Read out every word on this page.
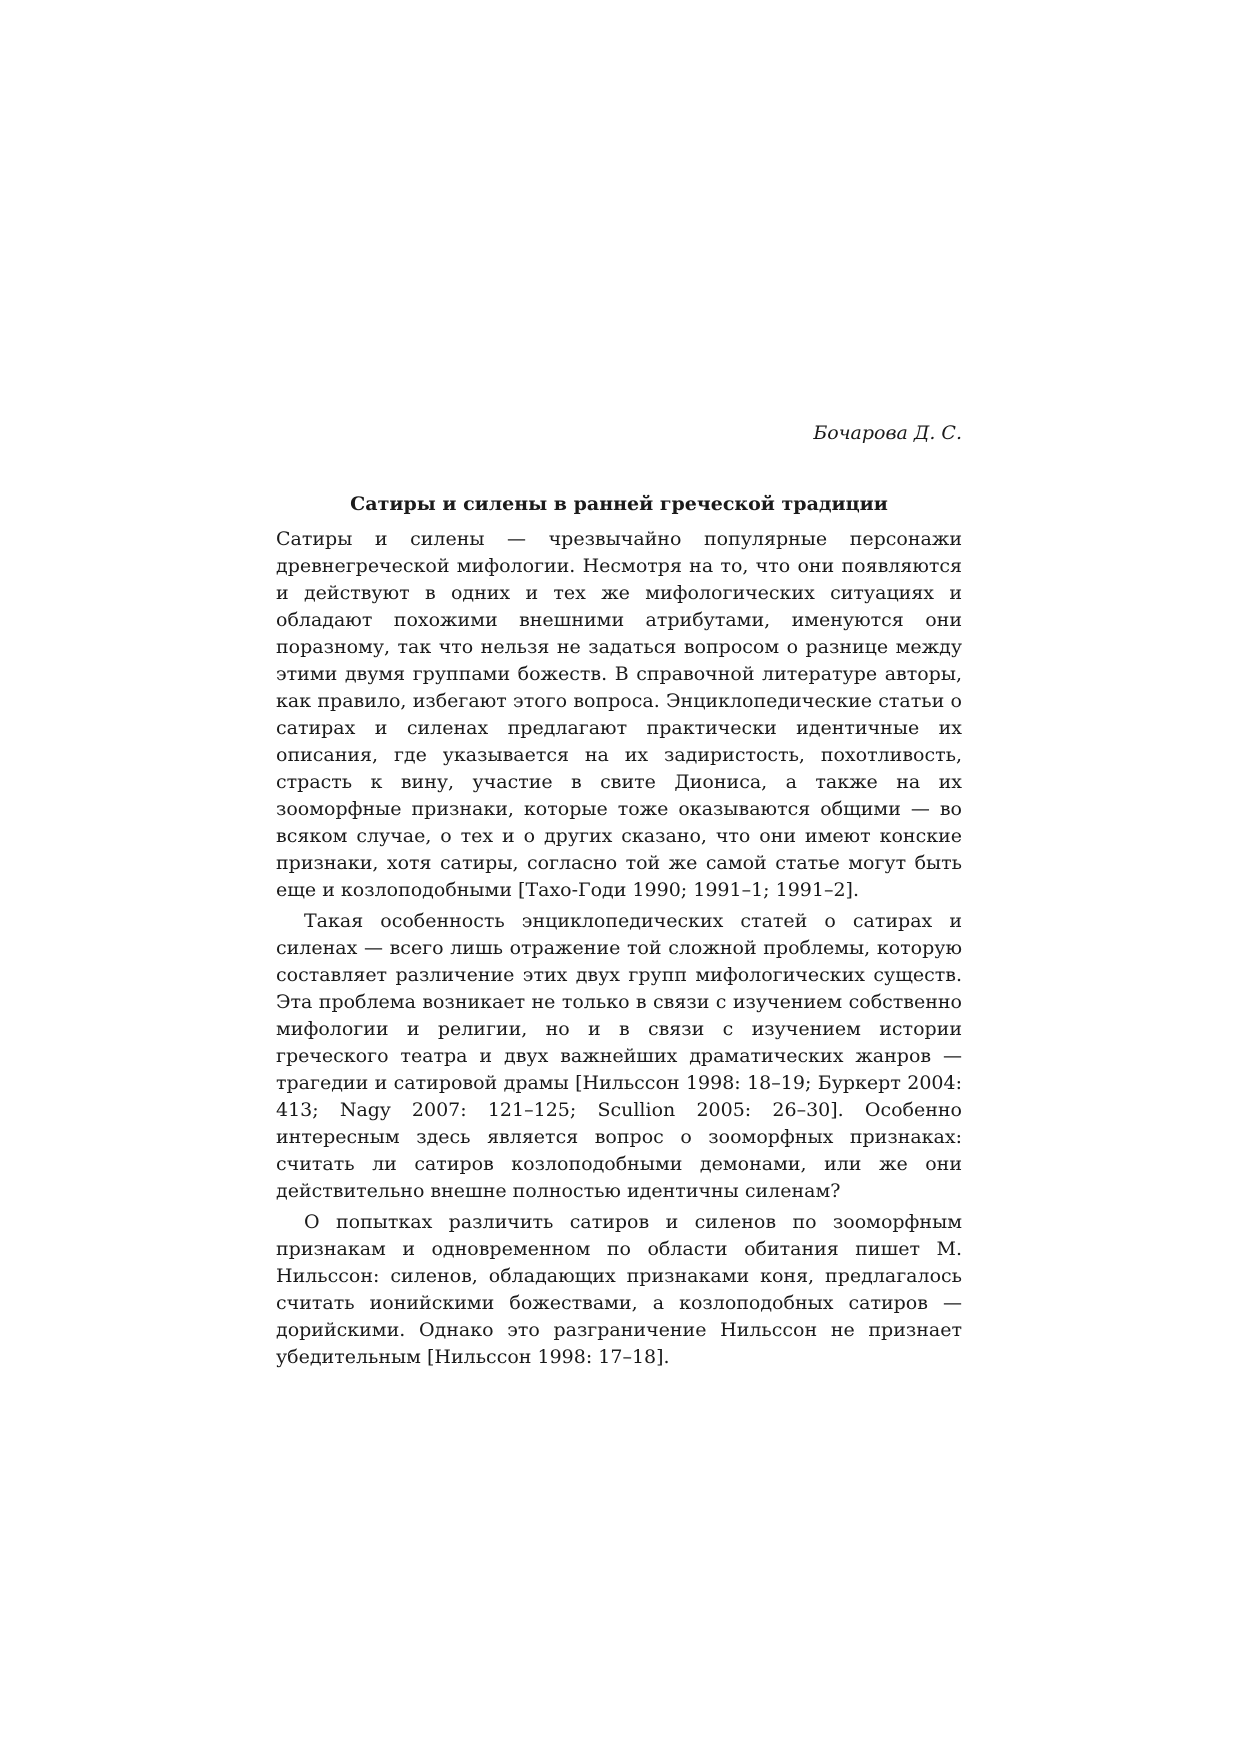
Бочарова Д. С.

Сатиры и силены в ранней греческой традиции

Сатиры и силены — чрезвычайно популярные персонажи древнегреческой мифологии. Несмотря на то, что они появляются и действуют в одних и тех же мифологических ситуациях и обладают похожими внешними атрибутами, именуются они поразному, так что нельзя не задаться вопросом о разнице между этими двумя группами божеств. В справочной литературе авторы, как правило, избегают этого вопроса. Энциклопедические статьи о сатирах и силенах предлагают практически идентичные их описания, где указывается на их задиристость, похотливость, страсть к вину, участие в свите Диониса, а также на их зооморфные признаки, которые тоже оказываются общими — во всяком случае, о тех и о других сказано, что они имеют конские признаки, хотя сатиры, согласно той же самой статье могут быть еще и козлоподобными [Тахо-Годи 1990; 1991–1; 1991–2].

Такая особенность энциклопедических статей о сатирах и силенах — всего лишь отражение той сложной проблемы, которую составляет различение этих двух групп мифологических существ. Эта проблема возникает не только в связи с изучением собственно мифологии и религии, но и в связи с изучением истории греческого театра и двух важнейших драматических жанров — трагедии и сатировой драмы [Нильссон 1998: 18–19; Буркерт 2004: 413; Nagy 2007: 121–125; Scullion 2005: 26–30]. Особенно интересным здесь является вопрос о зооморфных признаках: считать ли сатиров козлоподобными демонами, или же они действительно внешне полностью идентичны силенам?

О попытках различить сатиров и силенов по зооморфным признакам и одновременном по области обитания пишет М. Нильссон: силенов, обладающих признаками коня, предлагалось считать ионийскими божествами, а козлоподобных сатиров — дорийскими. Однако это разграничение Нильссон не признает убедительным [Нильссон 1998: 17–18].
